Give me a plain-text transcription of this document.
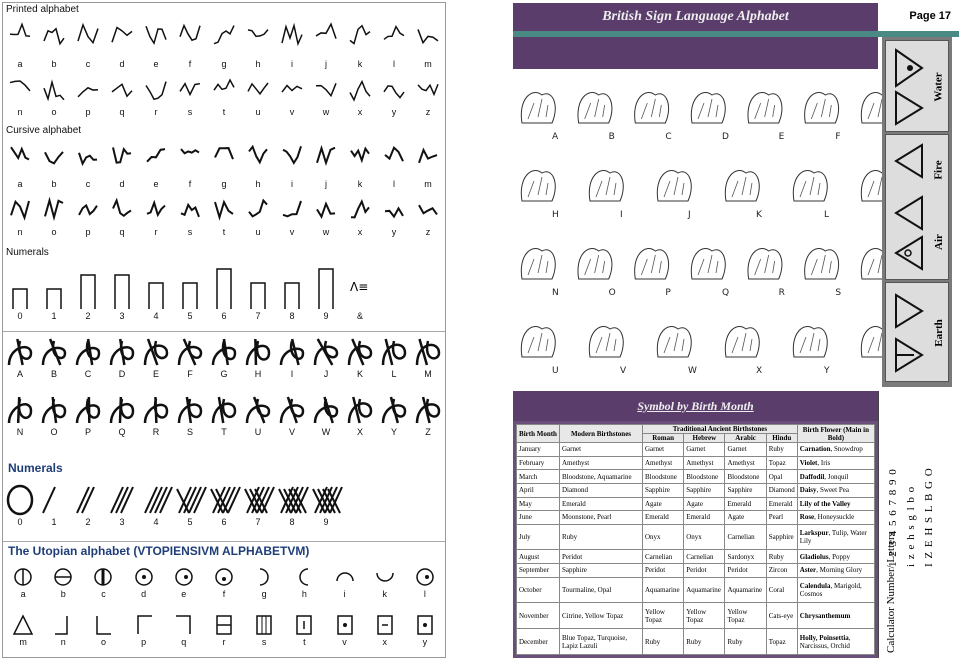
Printed alphabet
a	b	c	d	e	f	g	h	i	j	k	l	m
n	o	p	q	r	s	t	u	v	w	x	y	z
Cursive alphabet
a	b	c	d	e	f	g	h	i	j	k	l	m
n	o	p	q	r	s	t	u	v	w	x	y	z
Numerals
0	1	2	3	4	5	6	7	8	9
Λ≡
&
A	B	C	D	E	F	G	H	I	J	K	L	M
N	O	P	Q	R	S	T	U	V	W	X	Y	Z
Numerals
0	1	2	3	4	5	6	7	8	9
The Utopian alphabet (VTOPIENSIVM ALPHABETVM)
a	b	c	d	e	f	g	h	i	k	l
m	n	o	p	q	r	s	t	v	x	y
Page 17
British Sign Language Alphabet
A	B	C	D	E	F
H	I	J	K	L
N	O	P	Q	R	S
U	V	W	X	Y
Symbol by Birth Month
Birth Month	Modern Birthstones	Traditional Ancient Birthstones				Birth Flower (Main in Bold)
		Roman	Hebrew	Arabic	Hindu	
January	Garnet	Garnet	Garnet	Garnet	Ruby	Carnation, Snowdrop
February	Amethyst	Amethyst	Amethyst	Amethyst	Topaz	Violet, Iris
March	Bloodstone, Aquamarine	Bloodstone	Bloodstone	Bloodstone	Opal	Daffodil, Jonquil
April	Diamond	Sapphire	Sapphire	Sapphire	Diamond	Daisy, Sweet Pea
May	Emerald	Agate	Agate	Emerald	Emerald	Lily of the Valley
June	Moonstone, Pearl	Emerald	Emerald	Agate	Pearl	Rose, Honeysuckle
July	Ruby	Onyx	Onyx	Carnelian	Sapphire	Larkspur, Tulip, Water Lily
August	Peridot	Carnelian	Carnelian	Sardonyx	Ruby	Gladiolus, Poppy
September	Sapphire	Peridot	Peridot	Peridot	Zircon	Aster, Morning Glory
October	Tourmaline, Opal	Aquamarine	Aquamarine	Aquamarine	Coral	Calendula, Marigold, Cosmos
November	Citrine, Yellow Topaz	Yellow Topaz	Yellow Topaz	Yellow Topaz	Cats-eye	Chrysanthemum
December	Blue Topaz, Turquoise, Lapiz Lazuli	Ruby	Ruby	Ruby	Topaz	Holly, Poinsettia, Narcissus, Orchid
Water
Fire
Air
Earth
Calculator Number/ Letters
1 2 3 4 5 6 7 8 9 0 i z e h s g l b o I Z E H S L B G O
